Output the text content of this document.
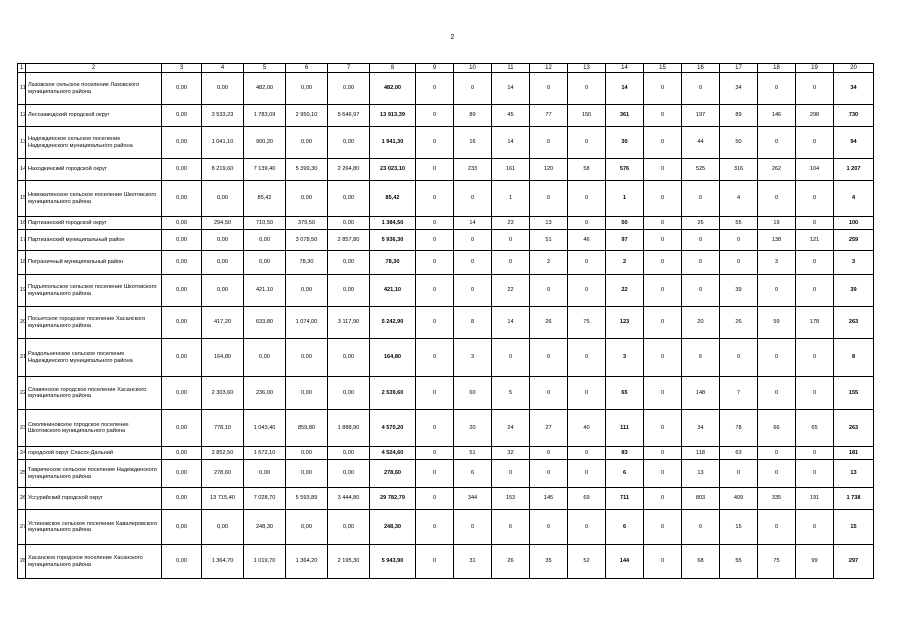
2
1	2	3	4	5	6	7	8	9	10	11	12	13	14	15	16	17	18	19	20
11	Лазовское сельское поселение Лазовского муниципального района	0,00	0,00	482,00	0,00	0,00	482,00	0	0	14	0	0	14	0	0	34	0	0	34
12	Лесозаводский городской округ	0,00	3 533,23	1 783,09	2 950,10	5 646,97	13 913,39	0	89	45	77	150	361	0	197	89	146	298	730
13	Надеждинское сельское поселение Надеждинского муниципального района	0,00	1 041,10	900,20	0,00	0,00	1 941,30	0	16	14	0	0	30	0	44	50	0	0	94
14	Находкинский городской округ	0,00	8 219,60	7 139,40	5 399,30	2 264,80	23 023,10	0	233	161	120	58	576	0	525	316	262	104	1 207
15	Новожатинское сельское поселение Шкотовского муниципального района	0,00	0,00	85,42	0,00	0,00	85,42	0	0	1	0	0	1	0	0	4	0	0	4
16	Партизанский городской округ	0,00	294,50	710,50	379,50	0,00	1 384,50	0	14	23	13	0	50	0	26	55	19	0	100
17	Партизанский муниципальный район	0,00	0,00	0,00	3 078,50	2 857,80	5 936,30	0	0	0	51	46	97	0	0	0	138	121	259
18	Пограничный муниципальный район	0,00	0,00	0,00	78,30	0,00	78,30	0	0	0	2	0	2	0	0	0	3	0	3
19	Подъяпольское сельское поселение Шкотовского муниципального района	0,00	0,00	421,10	0,00	0,00	421,10	0	0	22	0	0	22	0	0	39	0	0	39
20	Посьетское городское поселение Хасанского муниципального района	0,00	417,20	633,80	1 074,00	3 117,90	5 242,90	0	8	14	26	75	123	0	20	26	59	178	263
21	Раздольненское сельское поселение Надеждинского муниципального района	0,00	164,80	0,00	0,00	0,00	164,80	0	3	0	0	0	3	0	6	0	0	0	8
22	Славянское городское поселение Хасанского муниципального района	0,00	2 303,60	236,00	0,00	0,00	2 539,60	0	60	5	0	0	65	0	148	7	0	0	155
23	Смоляниновское городское поселение Шкотовского муниципального района	0,00	778,10	1 043,40	859,80	1 888,90	4 570,20	0	20	24	27	40	111	0	34	78	66	65	263
24	городской округ Спасск-Дальний	0,00	2 852,50	1 672,10	0,00	0,00	4 524,60	0	51	32	0	0	83	0	118	63	0	0	181
25	Таврическое сельское поселение Надеждинского муниципального района	0,00	278,60	0,00	0,00	0,00	278,60	0	6	0	0	0	6	0	13	0	0	0	13
26	Уссурийский городской округ	0,00	13 715,40	7 028,70	5 593,89	3 444,80	29 782,79	0	344	153	145	69	711	0	803	409	335	191	1 738
27	Устиновское сельское поселение Кавалеровского муниципального района	0,00	0,00	248,30	0,00	0,00	248,30	0	0	6	0	0	6	0	0	15	0	0	15
28	Хасанское городское поселение Хасанского муниципального района	0,00	1 364,70	1 019,70	1 364,20	2 195,30	5 943,90	0	31	26	35	52	144	0	68	55	75	99	297
